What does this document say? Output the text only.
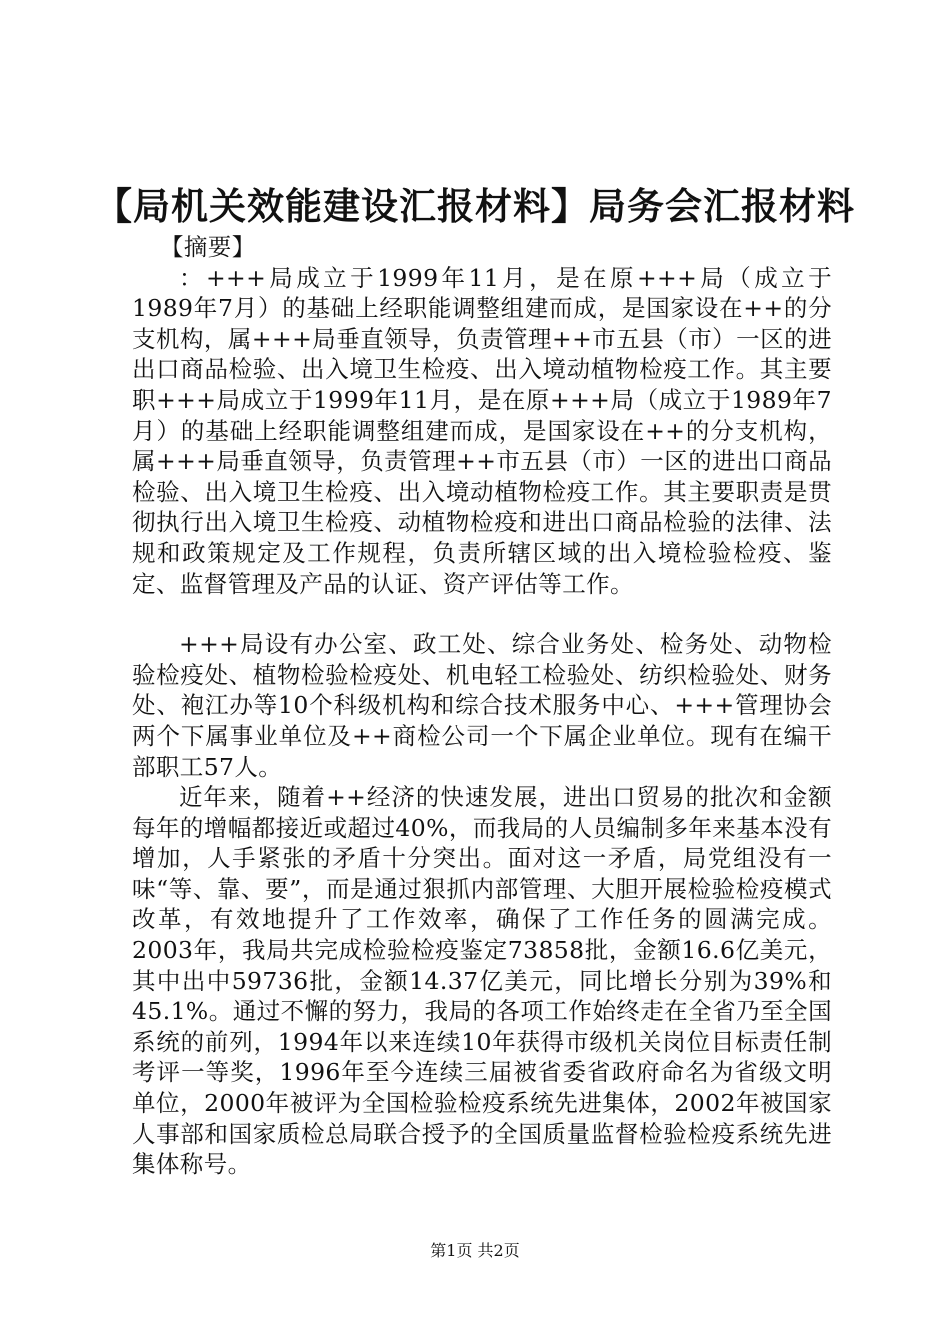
【局机关效能建设汇报材料】局务会汇报材料

【摘要】

：+++局成立于1999年11月，是在原+++局（成立于1989年7月）的基础上经职能调整组建而成，是国家设在++的分支机构，属+++局垂直领导，负责管理++市五县（市）一区的进出口商品检验、出入境卫生检疫、出入境动植物检疫工作。其主要职+++局成立于1999年11月，是在原+++局（成立于1989年7月）的基础上经职能调整组建而成，是国家设在++的分支机构，属+++局垂直领导，负责管理++市五县（市）一区的进出口商品检验、出入境卫生检疫、出入境动植物检疫工作。其主要职责是贯彻执行出入境卫生检疫、动植物检疫和进出口商品检验的法律、法规和政策规定及工作规程，负责所辖区域的出入境检验检疫、鉴定、监督管理及产品的认证、资产评估等工作。

+++局设有办公室、政工处、综合业务处、检务处、动物检验检疫处、植物检验检疫处、机电轻工检验处、纺织检验处、财务处、袍江办等10个科级机构和综合技术服务中心、+++管理协会两个下属事业单位及++商检公司一个下属企业单位。现有在编干部职工57人。

近年来，随着++经济的快速发展，进出口贸易的批次和金额每年的增幅都接近或超过40%，而我局的人员编制多年来基本没有增加，人手紧张的矛盾十分突出。面对这一矛盾，局党组没有一味“等、靠、要”，而是通过狠抓内部管理、大胆开展检验检疫模式改革，有效地提升了工作效率，确保了工作任务的圆满完成。2003年，我局共完成检验检疫鉴定73858批，金额16.6亿美元，其中出中59736批，金额14.37亿美元，同比增长分别为39%和45.1%。通过不懈的努力，我局的各项工作始终走在全省乃至全国系统的前列，1994年以来连续10年获得市级机关岗位目标责任制考评一等奖，1996年至今连续三届被省委省政府命名为省级文明单位，2000年被评为全国检验检疫系统先进集体，2002年被国家人事部和国家质检总局联合授予的全国质量监督检验检疫系统先进集体称号。

第1页 共2页
